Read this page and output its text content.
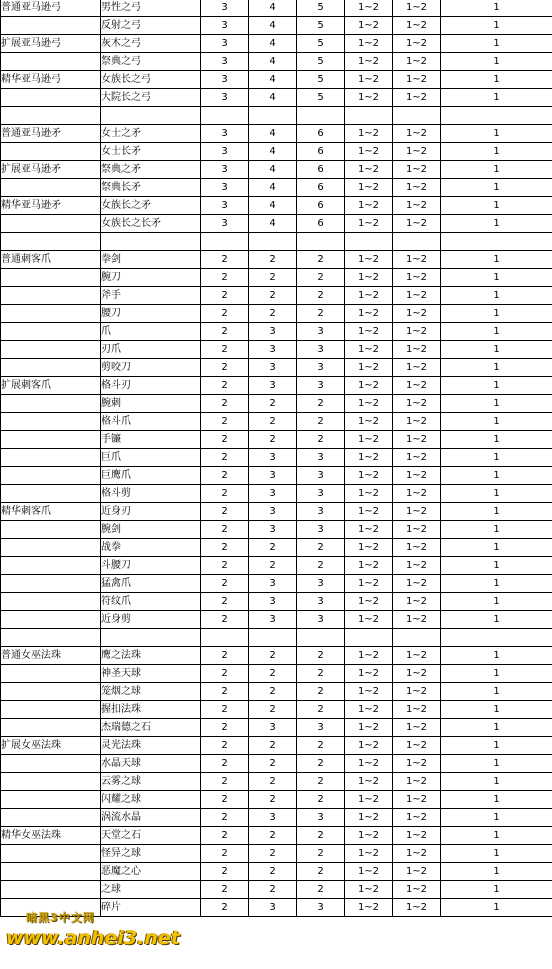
普通亚马逊弓	男性之弓	3	4	5	1~2	1~2	1
	反射之弓	3	4	5	1~2	1~2	1
扩展亚马逊弓	灰木之弓	3	4	5	1~2	1~2	1
	祭典之弓	3	4	5	1~2	1~2	1
精华亚马逊弓	女族长之弓	3	4	5	1~2	1~2	1
	大院长之弓	3	4	5	1~2	1~2	1

普通亚马逊矛	女士之矛	3	4	6	1~2	1~2	1
	女士长矛	3	4	6	1~2	1~2	1
扩展亚马逊矛	祭典之矛	3	4	6	1~2	1~2	1
	祭典长矛	3	4	6	1~2	1~2	1
精华亚马逊矛	女族长之矛	3	4	6	1~2	1~2	1
	女族长之长矛	3	4	6	1~2	1~2	1

普通刺客爪	拳剑	2	2	2	1~2	1~2	1
	腕刀	2	2	2	1~2	1~2	1
	斧手	2	2	2	1~2	1~2	1
	腰刀	2	2	2	1~2	1~2	1
	爪	2	3	3	1~2	1~2	1
	刃爪	2	3	3	1~2	1~2	1
	剪咬刀	2	3	3	1~2	1~2	1
扩展刺客爪	格斗刃	2	3	3	1~2	1~2	1
	腕刺	2	2	2	1~2	1~2	1
	格斗爪	2	2	2	1~2	1~2	1
	手镰	2	2	2	1~2	1~2	1
	巨爪	2	3	3	1~2	1~2	1
	巨鹰爪	2	3	3	1~2	1~2	1
	格斗剪	2	3	3	1~2	1~2	1
精华刺客爪	近身刃	2	3	3	1~2	1~2	1
	腕剑	2	3	3	1~2	1~2	1
	战拳	2	2	2	1~2	1~2	1
	斗腰刀	2	2	2	1~2	1~2	1
	猛禽爪	2	3	3	1~2	1~2	1
	符纹爪	2	3	3	1~2	1~2	1
	近身剪	2	3	3	1~2	1~2	1

普通女巫法珠	鹰之法珠	2	2	2	1~2	1~2	1
	神圣天球	2	2	2	1~2	1~2	1
	笼烟之球	2	2	2	1~2	1~2	1
	握扣法珠	2	2	2	1~2	1~2	1
	杰瑞德之石	2	3	3	1~2	1~2	1
扩展女巫法珠	灵光法珠	2	2	2	1~2	1~2	1
	水晶天球	2	2	2	1~2	1~2	1
	云雾之球	2	2	2	1~2	1~2	1
	闪耀之球	2	2	2	1~2	1~2	1
	涡流水晶	2	3	3	1~2	1~2	1
精华女巫法珠	天堂之石	2	2	2	1~2	1~2	1
	怪异之球	2	2	2	1~2	1~2	1
	恶魔之心	2	2	2	1~2	1~2	1
	之球	2	2	2	1~2	1~2	1
	碎片	2	3	3	1~2	1~2	1
暗黑3中文网
www.anhei3.net
